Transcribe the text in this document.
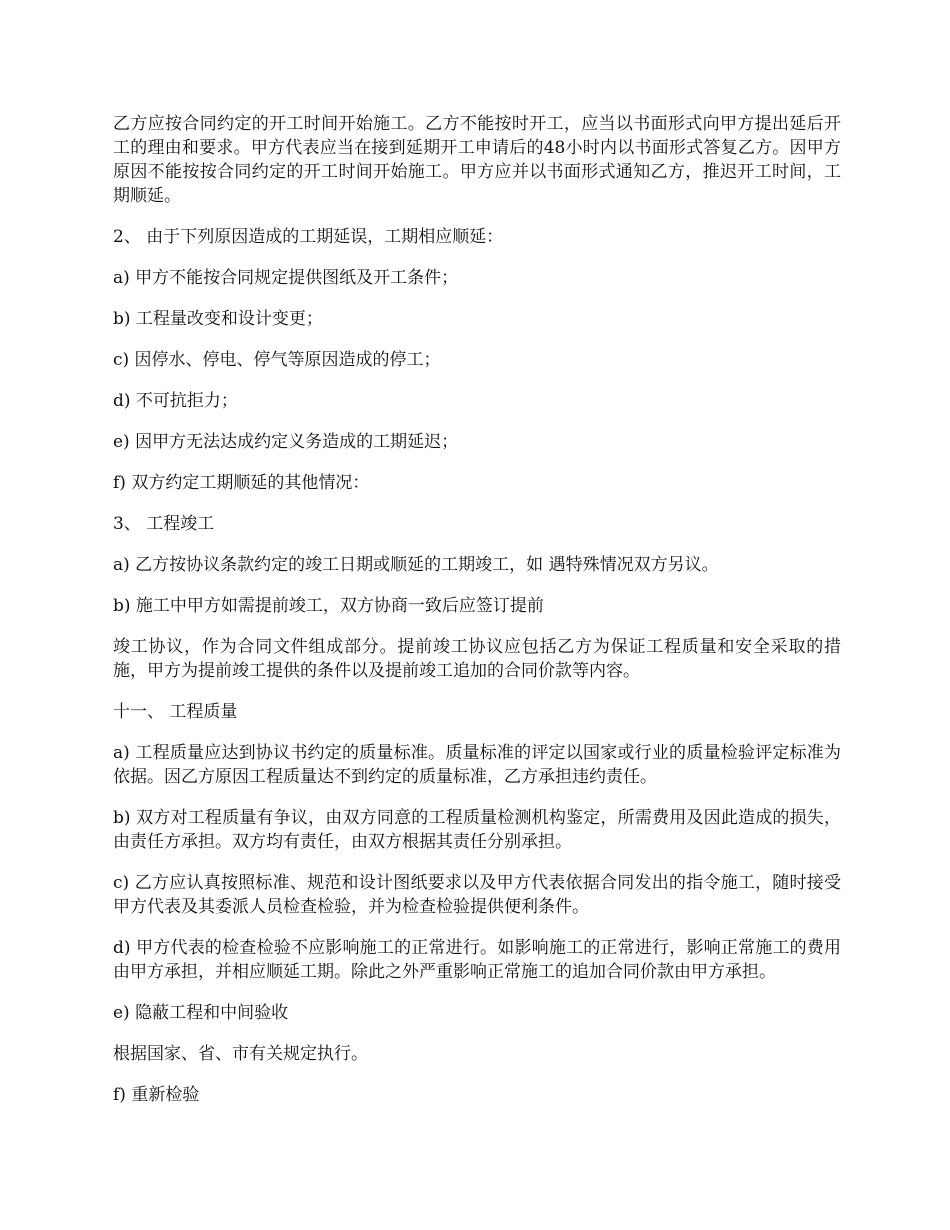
乙方应按合同约定的开工时间开始施工。乙方不能按时开工，应当以书面形式向甲方提出延后开工的理由和要求。甲方代表应当在接到延期开工申请后的48小时内以书面形式答复乙方。因甲方原因不能按按合同约定的开工时间开始施工。甲方应并以书面形式通知乙方，推迟开工时间，工期顺延。

2、 由于下列原因造成的工期延误，工期相应顺延：

a) 甲方不能按合同规定提供图纸及开工条件；

b) 工程量改变和设计变更；

c) 因停水、停电、停气等原因造成的停工；

d) 不可抗拒力；

e) 因甲方无法达成约定义务造成的工期延迟；

f) 双方约定工期顺延的其他情况：

3、 工程竣工

a) 乙方按协议条款约定的竣工日期或顺延的工期竣工，如 遇特殊情况双方另议。

b) 施工中甲方如需提前竣工，双方协商一致后应签订提前

竣工协议，作为合同文件组成部分。提前竣工协议应包括乙方为保证工程质量和安全采取的措施，甲方为提前竣工提供的条件以及提前竣工追加的合同价款等内容。

十一、 工程质量

a) 工程质量应达到协议书约定的质量标准。质量标准的评定以国家或行业的质量检验评定标准为依据。因乙方原因工程质量达不到约定的质量标准，乙方承担违约责任。

b) 双方对工程质量有争议，由双方同意的工程质量检测机构鉴定，所需费用及因此造成的损失，由责任方承担。双方均有责任，由双方根据其责任分别承担。

c) 乙方应认真按照标准、规范和设计图纸要求以及甲方代表依据合同发出的指令施工，随时接受甲方代表及其委派人员检查检验，并为检查检验提供便利条件。

d) 甲方代表的检查检验不应影响施工的正常进行。如影响施工的正常进行，影响正常施工的费用由甲方承担，并相应顺延工期。除此之外严重影响正常施工的追加合同价款由甲方承担。

e) 隐蔽工程和中间验收

根据国家、省、市有关规定执行。

f) 重新检验
